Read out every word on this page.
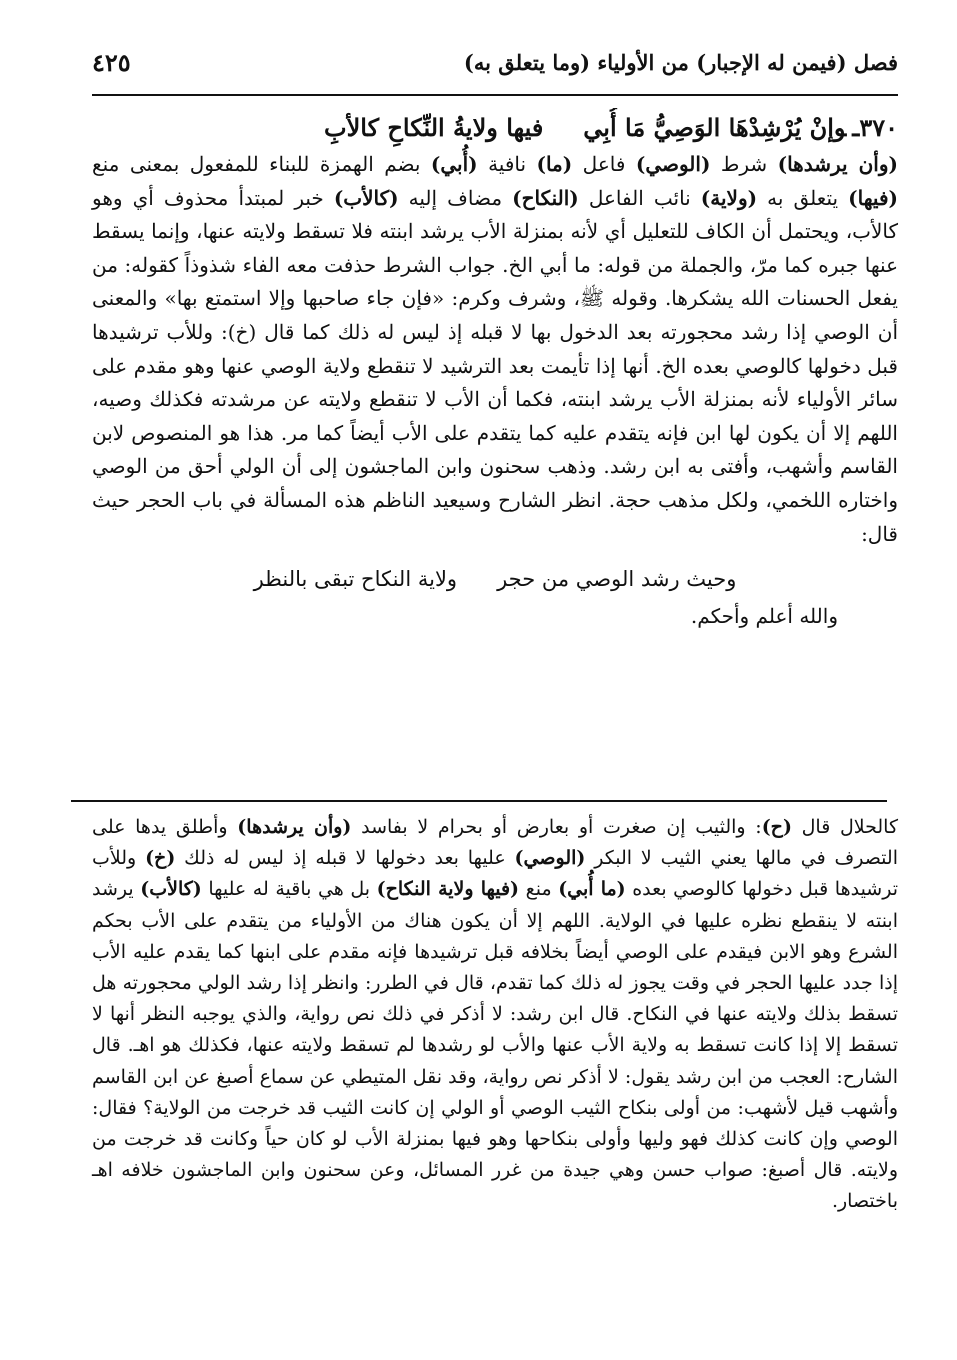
فصل (فيمن له الإجبار) من الأولياء (وما يتعلق به)
٤٢٥
٣٧٠ـوإنْ يُرْشِدْهَا الوَصِيُّ مَا أُبِيفيها ولايةُ النِّكاحِ كالأبِ

(وأن يرشدها) شرط (الوصي) فاعل (ما) نافية (أُبي) بضم الهمزة للبناء للمفعول بمعنى منع (فيها) يتعلق به (ولاية) نائب الفاعل (النكاح) مضاف إليه (كالأب) خبر لمبتدأ محذوف أي وهو كالأب، ويحتمل أن الكاف للتعليل أي لأنه بمنزلة الأب يرشد ابنته فلا تسقط ولايته عنها، وإنما يسقط عنها جبره كما مرّ، والجملة من قوله: ما أبي الخ. جواب الشرط حذفت معه الفاء شذوذاً كقوله: من يفعل الحسنات الله يشكرها. وقوله ﷺ، وشرف وكرم: «فإن جاء صاحبها وإلا استمتع بها» والمعنى أن الوصي إذا رشد محجورته بعد الدخول بها لا قبله إذ ليس له ذلك كما قال (خ): وللأب ترشيدها قبل دخولها كالوصي بعده الخ. أنها إذا تأيمت بعد الترشيد لا تنقطع ولاية الوصي عنها وهو مقدم على سائر الأولياء لأنه بمنزلة الأب يرشد ابنته، فكما أن الأب لا تنقطع ولايته عن مرشدته فكذلك وصيه، اللهم إلا أن يكون لها ابن فإنه يتقدم عليه كما يتقدم على الأب أيضاً كما مر. هذا هو المنصوص لابن القاسم وأشهب، وأفتى به ابن رشد. وذهب سحنون وابن الماجشون إلى أن الولي أحق من الوصي واختاره اللخمي، ولكل مذهب حجة. انظر الشارح وسيعيد الناظم هذه المسألة في باب الحجر حيث قال:

وحيث رشد الوصي من حجرولاية النكاح تبقى بالنظر
والله أعلم وأحكم.

كالحلال قال (ح): والثيب إن صغرت أو بعارض أو بحرام لا بفاسد (وأن يرشدها) وأطلق يدها على التصرف في مالها يعني الثيب لا البكر (الوصي) عليها بعد دخولها لا قبله إذ ليس له ذلك (خ) وللأب ترشيدها قبل دخولها كالوصي بعده (ما أُبي) منع (فيها ولاية النكاح) بل هي باقية له عليها (كالأب) يرشد ابنته لا ينقطع نظره عليها في الولاية. اللهم إلا أن يكون هناك من الأولياء من يتقدم على الأب بحكم الشرع وهو الابن فيقدم على الوصي أيضاً بخلافه قبل ترشيدها فإنه مقدم على ابنها كما يقدم عليه الأب إذا جدد عليها الحجر في وقت يجوز له ذلك كما تقدم، قال في الطرر: وانظر إذا رشد الولي محجورته هل تسقط بذلك ولايته عنها في النكاح. قال ابن رشد: لا أذكر في ذلك نص رواية، والذي يوجبه النظر أنها لا تسقط إلا إذا كانت تسقط به ولاية الأب عنها والأب لو رشدها لم تسقط ولايته عنها، فكذلك هو اهـ. قال الشارح: العجب من ابن رشد يقول: لا أذكر نص رواية، وقد نقل المتيطي عن سماع أصبغ عن ابن القاسم وأشهب قيل لأشهب: من أولى بنكاح الثيب الوصي أو الولي إن كانت الثيب قد خرجت من الولاية؟ فقال: الوصي وإن كانت كذلك فهو وليها وأولى بنكاحها وهو فيها بمنزلة الأب لو كان حياً وكانت قد خرجت من ولايته. قال أصبغ: صواب حسن وهي جيدة من غرر المسائل، وعن سحنون وابن الماجشون خلافه اهـ باختصار.
